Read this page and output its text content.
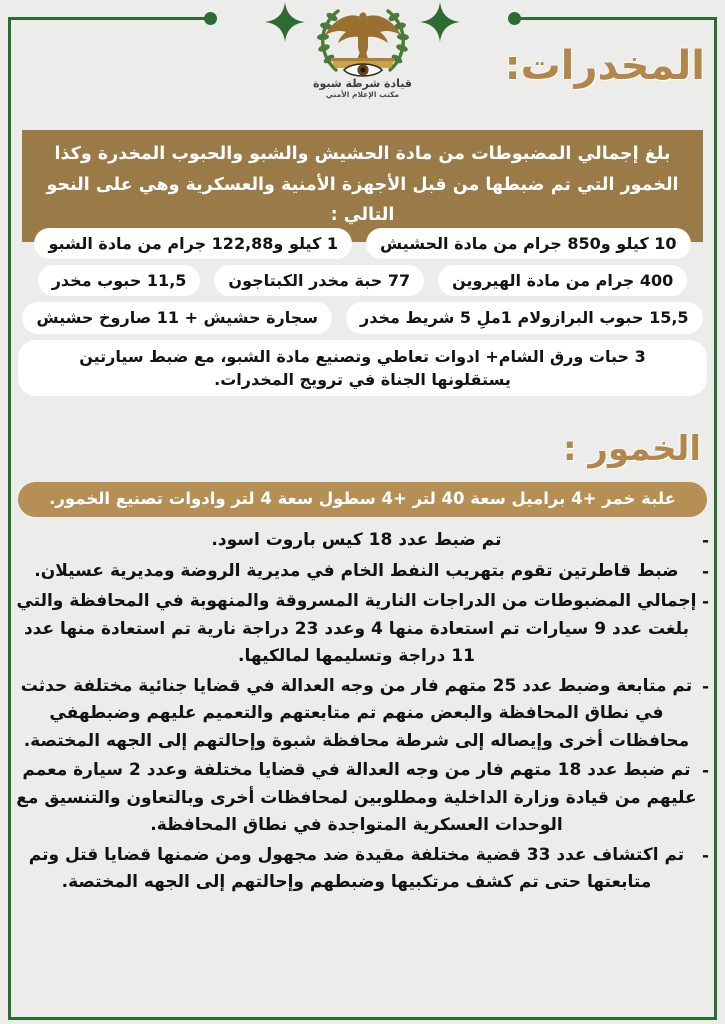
قيادة شرطة شبوة
مكتب الإعلام الأمني
المخدرات:
بلغ إجمالي المضبوطات من مادة الحشيش والشبو والحبوب المخدرة وكذا الخمور التي تم ضبطها من قبل الأجهزة الأمنية والعسكرية وهي على النحو التالي :
10 كيلو و850 جرام من مادة الحشيش
1 كيلو و122,88 جرام من مادة الشبو
400 جرام من مادة الهيروين
77 حبة مخدر الكبتاجون
11,5 حبوب مخدر
15,5 حبوب البرازولام 1ملِ 5 شريط مخدر
سجارة حشيش + 11 صاروخ حشيش
3 حبات ورق الشام+ ادوات تعاطي وتصنيع مادة الشبو، مع ضبط سيارتين يستقلونها الجناة في ترويج المخدرات.
الخمور :
علبة خمر +4 براميل سعة 40 لتر +4 سطول سعة 4 لتر وادوات تصنيع الخمور.
-
تم ضبط عدد 18 كيس باروت اسود.
-
ضبط قاطرتين تقوم بتهريب النفط الخام في مديرية الروضة ومديرية عسيلان.
-
إجمالي المضبوطات من الدراجات النارية المسروقة والمنهوبة في المحافظة والتي بلغت عدد 9 سيارات تم استعادة منها 4 وعدد 23 دراجة نارية تم استعادة منها عدد 11 دراجة وتسليمها لمالكيها.
-
تم متابعة وضبط عدد 25 متهم فار من وجه العدالة في قضايا جنائية مختلفة حدثت في نطاق المحافظة والبعض منهم تم متابعتهم والتعميم عليهم وضبطهفي محافظات أخرى وإيصاله إلى شرطة محافظة شبوة وإحالتهم إلى الجهه المختصة.
-
تم ضبط عدد 18 متهم فار من وجه العدالة في قضايا مختلفة وعدد 2 سيارة معمم عليهم من قيادة وزارة الداخلية ومطلوبين لمحافظات أخرى وبالتعاون والتنسيق مع الوحدات العسكرية المتواجدة في نطاق المحافظة.
-
تم اكتشاف عدد 33 قضية مختلفة مقيدة ضد مجهول ومن ضمنها قضايا قتل وتم متابعتها حتى تم كشف مرتكبيها وضبطهم وإحالتهم إلى الجهه المختصة.
